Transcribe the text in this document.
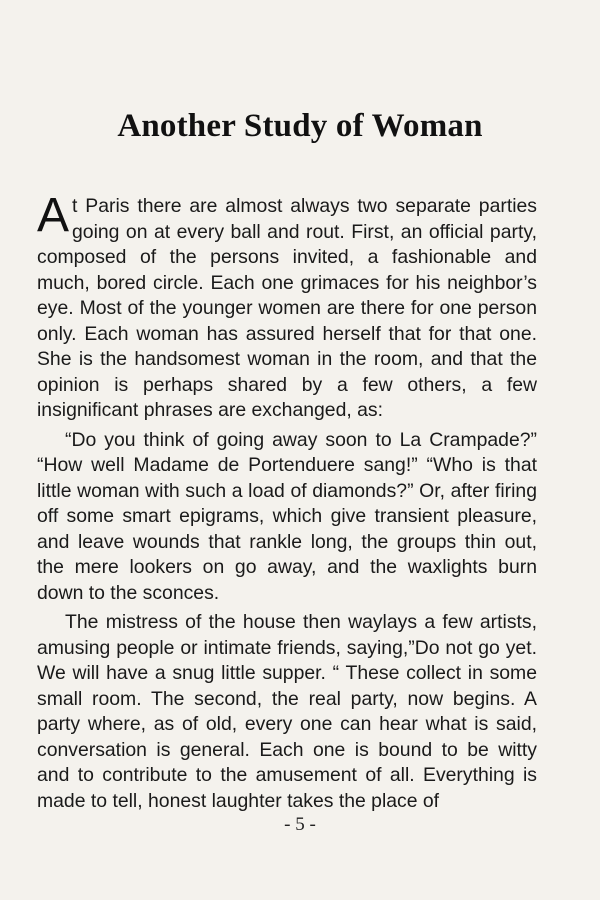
Another Study of Woman

At Paris there are almost always two separate parties going on at every ball and rout. First, an official party, composed of the persons invited, a fashionable and much, bored circle. Each one grimaces for his neighbor’s eye. Most of the younger women are there for one person only. Each woman has assured herself that for that one. She is the handsomest woman in the room, and that the opinion is perhaps shared by a few others, a few insignificant phrases are exchanged, as:

“Do you think of going away soon to La Crampade?” “How well Madame de Portenduere sang!” “Who is that little woman with such a load of diamonds?” Or, after firing off some smart epigrams, which give transient pleasure, and leave wounds that rankle long, the groups thin out, the mere lookers on go away, and the waxlights burn down to the sconces.

The mistress of the house then waylays a few artists, amusing people or intimate friends, saying,”Do not go yet. We will have a snug little supper. “ These collect in some small room. The second, the real party, now begins. A party where, as of old, every one can hear what is said, conversation is general. Each one is bound to be witty and to contribute to the amusement of all. Everything is made to tell, honest laughter takes the place of

- 5 -
